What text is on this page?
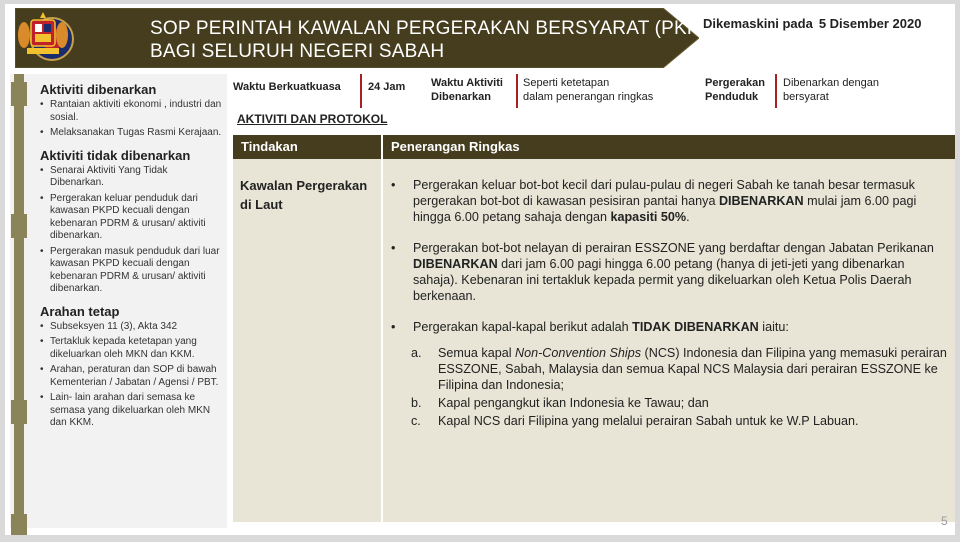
SOP PERINTAH KAWALAN PERGERAKAN BERSYARAT (PKPB)
BAGI SELURUH NEGERI SABAH
Dikemaskini pada 5 Disember 2020
Aktiviti dibenarkan
• Rantaian aktiviti ekonomi , industri dan sosial.
• Melaksanakan Tugas Rasmi Kerajaan.
Aktiviti tidak dibenarkan
• Senarai Aktiviti Yang Tidak Dibenarkan.
• Pergerakan keluar penduduk dari kawasan PKPD kecuali dengan kebenaran PDRM & urusan/ aktiviti dibenarkan.
• Pergerakan masuk penduduk dari luar kawasan PKPD kecuali dengan kebenaran PDRM & urusan/ aktiviti dibenarkan.
Arahan tetap
• Subseksyen 11 (3), Akta 342
• Tertakluk kepada ketetapan yang dikeluarkan oleh MKN dan KKM.
• Arahan, peraturan dan SOP di bawah Kementerian / Jabatan / Agensi / PBT.
• Lain- lain arahan dari semasa ke semasa yang dikeluarkan oleh MKN dan KKM.
Waktu Berkuatkuasa 24 Jam Waktu Aktiviti
Dibenarkan
Seperti ketetapan
dalam penerangan ringkas
Pergerakan
Penduduk
Dibenarkan dengan
bersyarat
AKTIVITI DAN PROTOKOL
Tindakan	Penerangan Ringkas
Kawalan Pergerakan di Laut
• Pergerakan keluar bot-bot kecil dari pulau-pulau di negeri Sabah ke tanah besar termasuk pergerakan bot-bot di kawasan pesisiran pantai hanya DIBENARKAN mulai jam 6.00 pagi hingga 6.00 petang sahaja dengan kapasiti 50%.
• Pergerakan bot-bot nelayan di perairan ESSZONE yang berdaftar dengan Jabatan Perikanan DIBENARKAN dari jam 6.00 pagi hingga 6.00 petang (hanya di jeti-jeti yang dibenarkan sahaja). Kebenaran ini tertakluk kepada permit yang dikeluarkan oleh Ketua Polis Daerah berkenaan.
• Pergerakan kapal-kapal berikut adalah TIDAK DIBENARKAN iaitu:
a. Semua kapal Non-Convention Ships (NCS) Indonesia dan Filipina yang memasuki perairan ESSZONE, Sabah, Malaysia dan semua Kapal NCS Malaysia dari perairan ESSZONE ke Filipina dan Indonesia;
b. Kapal pengangkut ikan Indonesia ke Tawau; dan
c. Kapal NCS dari Filipina yang melalui perairan Sabah untuk ke W.P Labuan.
5
